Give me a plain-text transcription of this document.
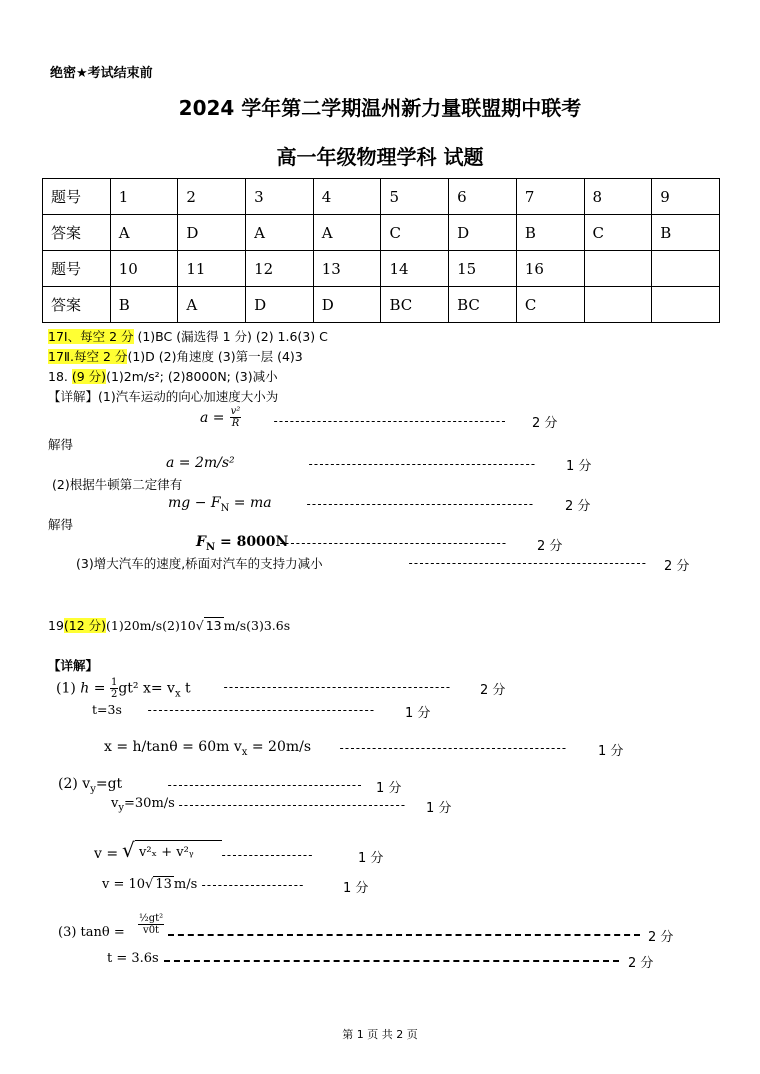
绝密★考试结束前
2024 学年第二学期温州新力量联盟期中联考
高一年级物理学科 试题
题号	1	2	3	4	5	6	7	8	9
答案	A	D	A	A	C	D	B	C	B
题号	10	11	12	13	14	15	16		
答案	B	A	D	D	BC	BC	C		
17Ⅰ、每空 2 分 (1)BC (漏选得 1 分) (2) 1.6(3) C
17Ⅱ.每空 2 分(1)D (2)角速度 (3)第一层 (4)3
18. (9 分)(1)2m/s²; (2)8000N; (3)减小
【详解】(1)汽车运动的向心加速度大小为
$a = \frac{\text{v²}}{R}$	------------------------------------------- 2 分
解得
a = 2m/s²	------------------------------------------ 1 分
(2)根据牛顿第二定律有
mg − $F_N$ = ma	------------------------------------------ 2 分
解得
$F_N = 8000N$
------------------------------------------ 2 分
(3)增大汽车的速度,桥面对汽车的支持力减小	-------------------------------------------- 2 分
19(12 分)(1)20m/s(2)10√ 13 m/s(3)3.6s
【详解】
(1) $h = \frac{1}{2} gt^2$ $x= v_x$ t	------------------------------------------ 2 分
t=3s ------------------------------------------ 1 分
x = h/tanθ = 60m $v_x = 20m/s$ ------------------------------------------ 1 分
(2) $v_y=gt$	------------------------------------ 1 分
$v_y=30m/s$ ------------------------------------------ 1 分
v = √ v²ₓ + v²ᵧ	-----------------	1 分
v = 10√ 13 m/s -------------------	1 分
(3) $\tan\theta = \frac{\text{½gt²}}{v0t}$
2 分
t = 3.6s	2 分
第 1 页 共 2 页
